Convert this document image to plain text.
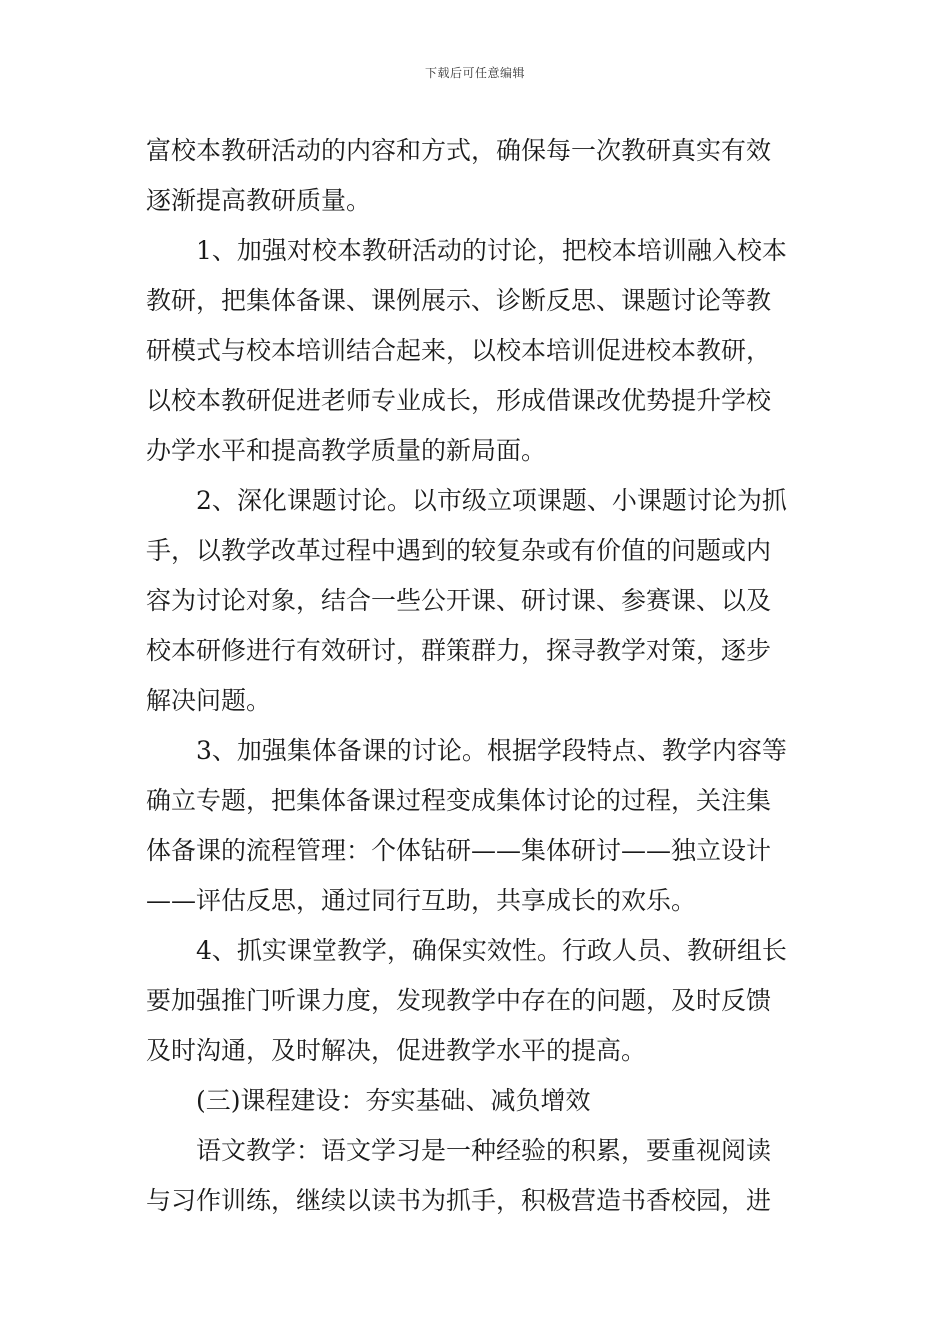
下载后可任意编辑
富校本教研活动的内容和方式，确保每一次教研真实有效
逐渐提高教研质量。
1、加强对校本教研活动的讨论，把校本培训融入校本
教研，把集体备课、课例展示、诊断反思、课题讨论等教
研模式与校本培训结合起来，以校本培训促进校本教研，
以校本教研促进老师专业成长，形成借课改优势提升学校
办学水平和提高教学质量的新局面。
2、深化课题讨论。以市级立项课题、小课题讨论为抓
手，以教学改革过程中遇到的较复杂或有价值的问题或内
容为讨论对象，结合一些公开课、研讨课、参赛课、以及
校本研修进行有效研讨，群策群力，探寻教学对策，逐步
解决问题。
3、加强集体备课的讨论。根据学段特点、教学内容等
确立专题，把集体备课过程变成集体讨论的过程，关注集
体备课的流程管理：个体钻研——集体研讨——独立设计
——评估反思，通过同行互助，共享成长的欢乐。
4、抓实课堂教学，确保实效性。行政人员、教研组长
要加强推门听课力度，发现教学中存在的问题，及时反馈
及时沟通，及时解决，促进教学水平的提高。
(三)课程建设：夯实基础、减负增效
语文教学：语文学习是一种经验的积累，要重视阅读
与习作训练，继续以读书为抓手，积极营造书香校园，进
